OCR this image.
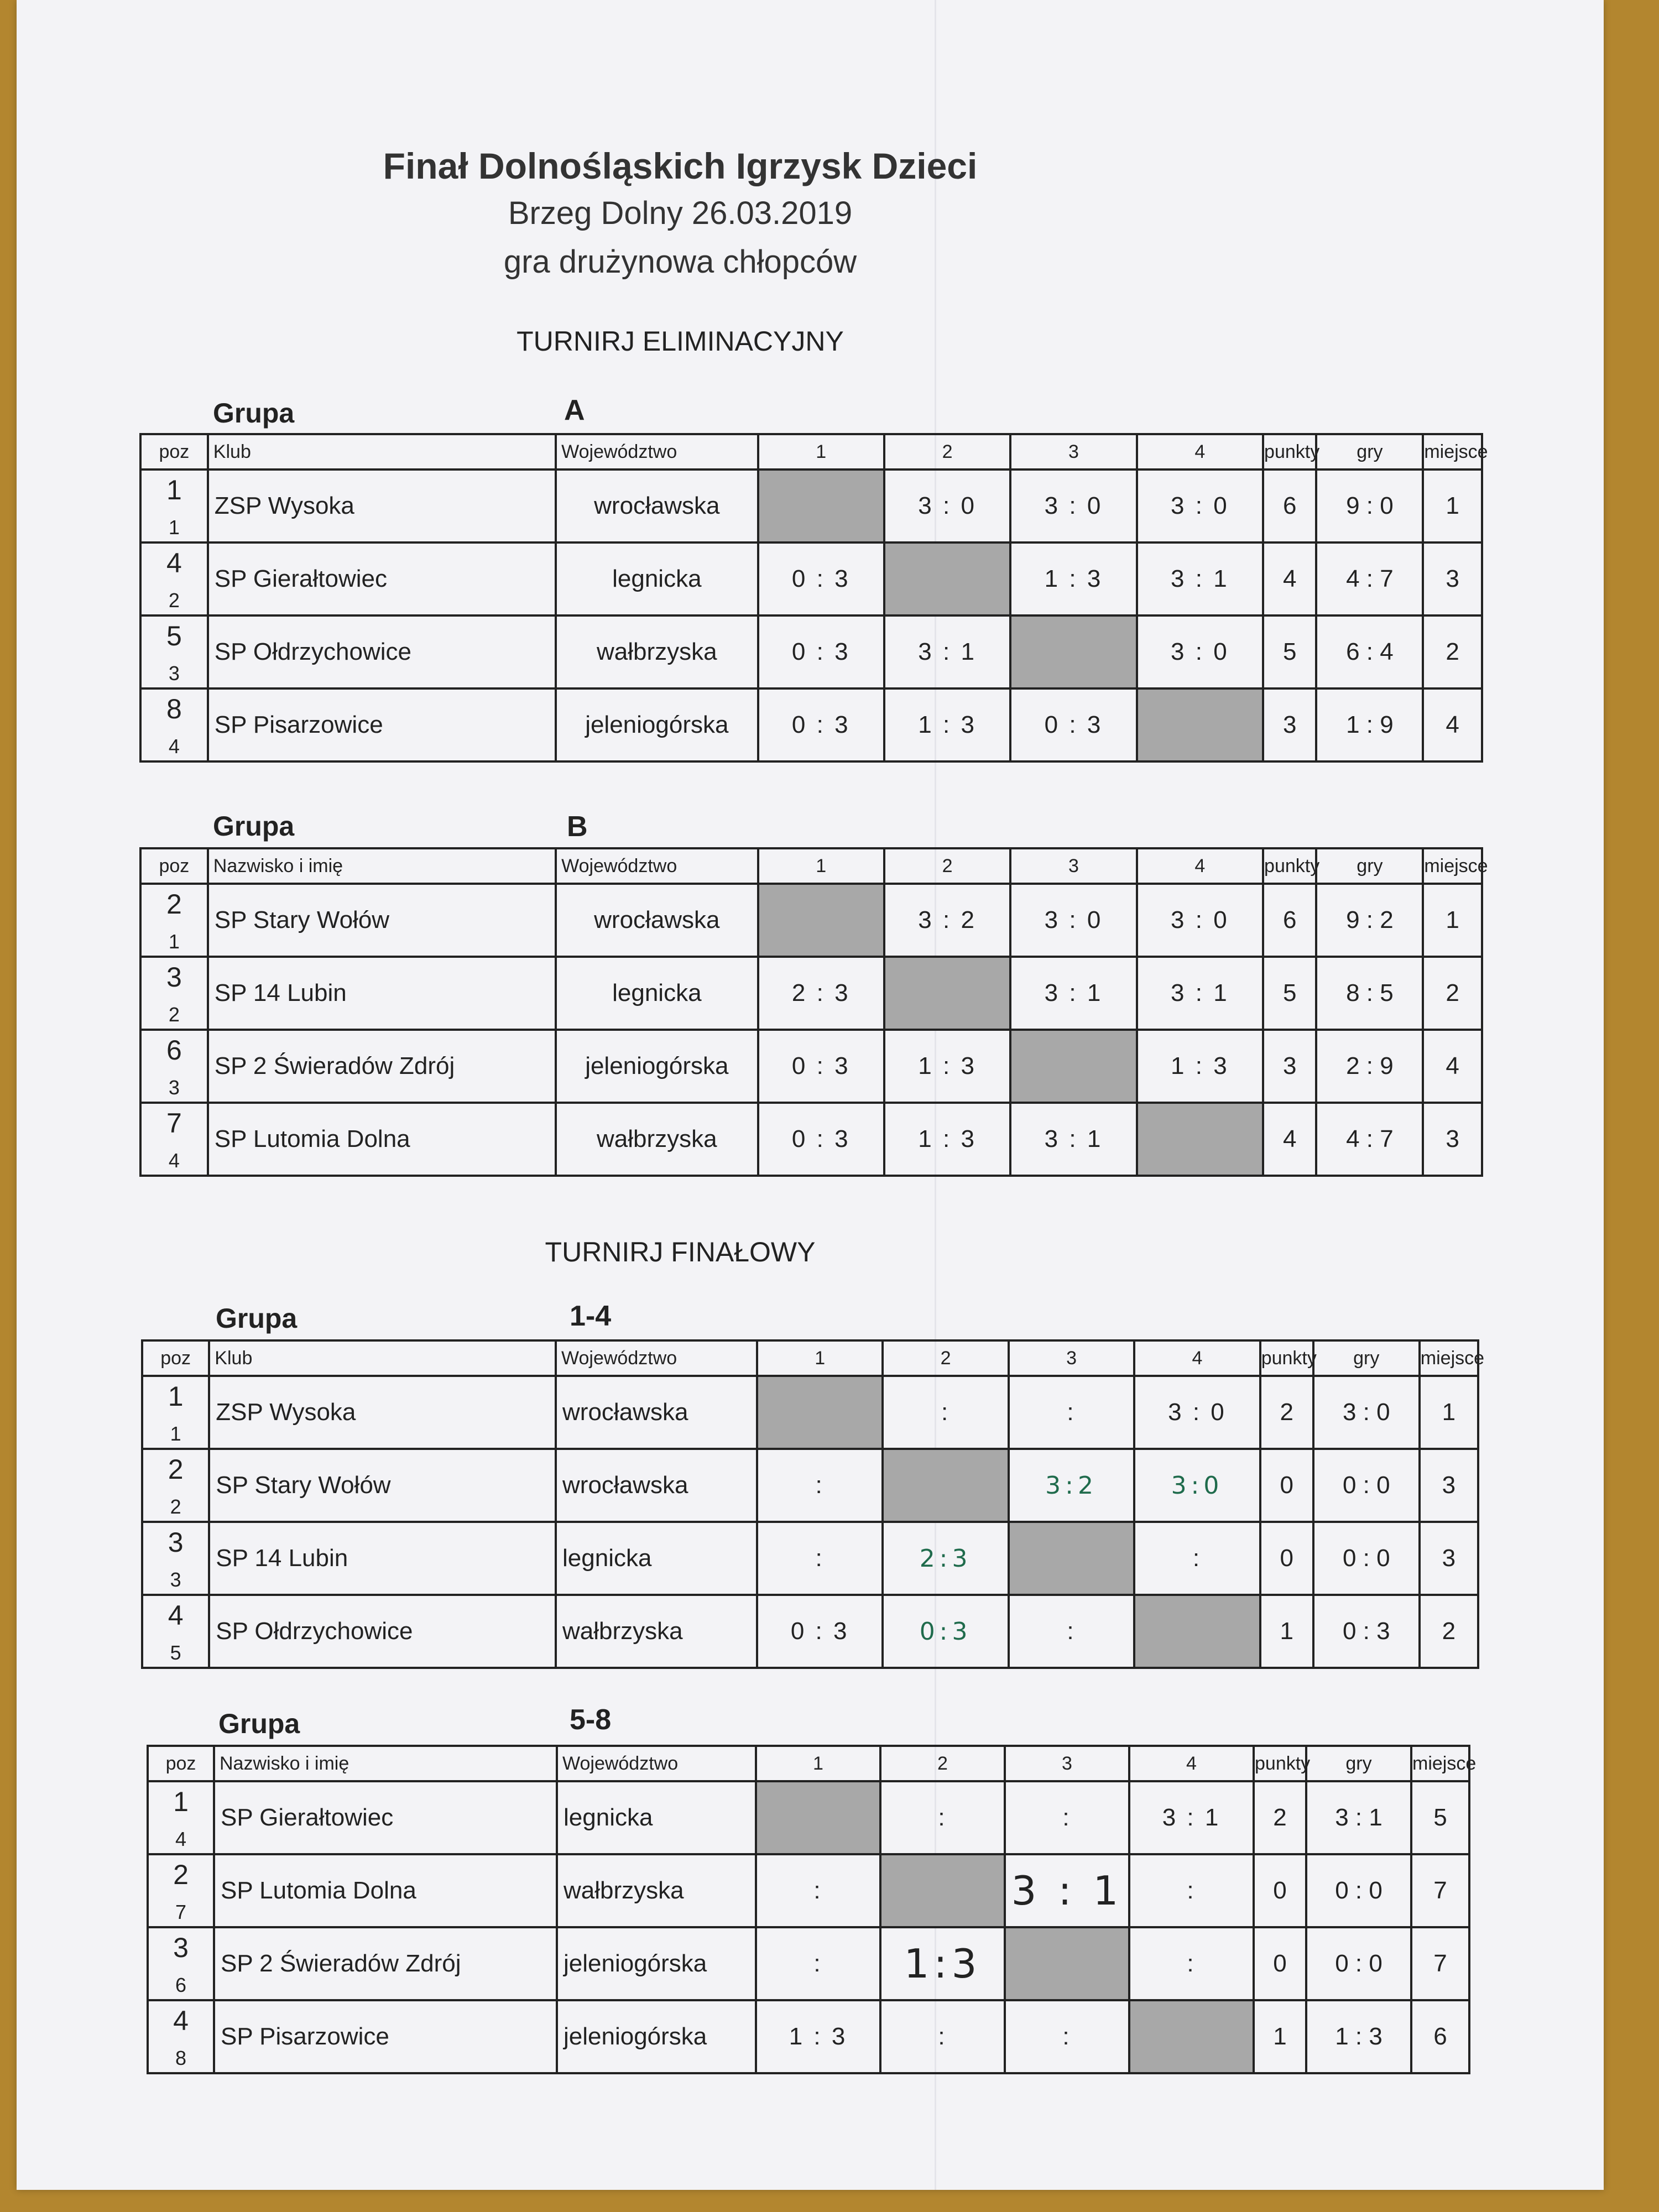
Finał Dolnośląskich Igrzysk Dzieci
Brzeg Dolny 26.03.2019
gra drużynowa chłopców
TURNIRJ ELIMINACYJNY
Grupa	A
poz	Klub	Województwo	1	2	3	4	punkty	gry	miejsce

1
1	ZSP Wysoka	wrocławska		3 : 0	3 : 0	3 : 0	6	9 : 0	1

4
2	SP Gierałtowiec	legnicka	0 : 3		1 : 3	3 : 1	4	4 : 7	3

5
3	SP Ołdrzychowice	wałbrzyska	0 : 3	3 : 1		3 : 0	5	6 : 4	2

8
4	SP Pisarzowice	jeleniogórska	0 : 3	1 : 3	0 : 3		3	1 : 9	4
Grupa	B
poz	Nazwisko i imię	Województwo	1	2	3	4	punkty	gry	miejsce

2
1	SP Stary Wołów	wrocławska		3 : 2	3 : 0	3 : 0	6	9 : 2	1

3
2	SP 14 Lubin	legnicka	2 : 3		3 : 1	3 : 1	5	8 : 5	2

6
3	SP 2 Świeradów Zdrój	jeleniogórska	0 : 3	1 : 3		1 : 3	3	2 : 9	4

7
4	SP Lutomia Dolna	wałbrzyska	0 : 3	1 : 3	3 : 1		4	4 : 7	3
TURNIRJ FINAŁOWY
Grupa	1-4
poz	Klub	Województwo	1	2	3	4	punkty	gry	miejsce

1
1	ZSP Wysoka	wrocławska		:	:	3 : 0	2	3 : 0	1

2
2	SP Stary Wołów	wrocławska	:		3:2	3:0	0	0 : 0	3

3
3	SP 14 Lubin	legnicka	:	2:3		:	0	0 : 0	3

4
5	SP Ołdrzychowice	wałbrzyska	0 : 3	0:3	:		1	0 : 3	2
Grupa	5-8
poz	Nazwisko i imię	Województwo	1	2	3	4	punkty	gry	miejsce

1
4	SP Gierałtowiec	legnicka		:	:	3 : 1	2	3 : 1	5

2
7	SP Lutomia Dolna	wałbrzyska	:		3 : 1	:	0	0 : 0	7

3
6	SP 2 Świeradów Zdrój	jeleniogórska	:	1:3		:	0	0 : 0	7

4
8	SP Pisarzowice	jeleniogórska	1 : 3	:	:		1	1 : 3	6
